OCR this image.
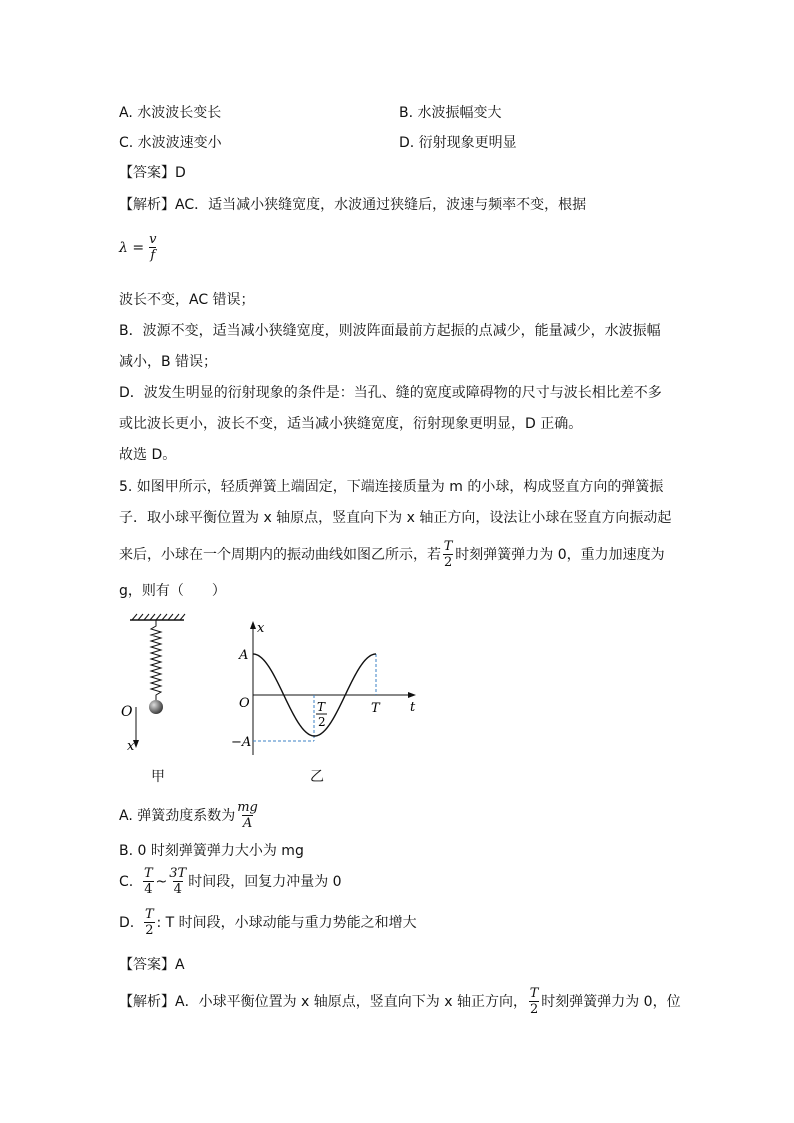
A. 水波波长变长	B. 水波振幅变大
C. 水波波速变小	D. 衍射现象更明显
【答案】D
【解析】AC．适当减小狭缝宽度，水波通过狭缝后，波速与频率不变，根据
$\lambda = \frac{v}{f}$
波长不变，AC 错误；
B．波源不变，适当减小狭缝宽度，则波阵面最前方起振的点减少，能量减少，水波振幅
减小，B 错误；
D．波发生明显的衍射现象的条件是：当孔、缝的宽度或障碍物的尺寸与波长相比差不多
或比波长更小，波长不变，适当减小狭缝宽度，衍射现象更明显，D 正确。
故选 D。
5. 如图甲所示，轻质弹簧上端固定，下端连接质量为 m 的小球，构成竖直方向的弹簧振
子．取小球平衡位置为 x 轴原点，竖直向下为 x 轴正方向，设法让小球在竖直方向振动起
来后，小球在一个周期内的振动曲线如图乙所示，若 $\frac{T}{2}$ 时刻弹簧弹力为 0，重力加速度为
g，则有（　　）
O
x
甲
x
t
A
O
−A
T
T
2
乙
A. 弹簧劲度系数为 $\frac{mg}{A}$
B. 0 时刻弹簧弹力大小为 mg
C. $\frac{T}{4}$ ~ $\frac{3T}{4}$ 时间段，回复力冲量为 0
D. $\frac{T}{2}$ : T 时间段，小球动能与重力势能之和增大
【答案】A
【解析】A．小球平衡位置为 x 轴原点，竖直向下为 x 轴正方向， $\frac{T}{2}$ 时刻弹簧弹力为 0，位
